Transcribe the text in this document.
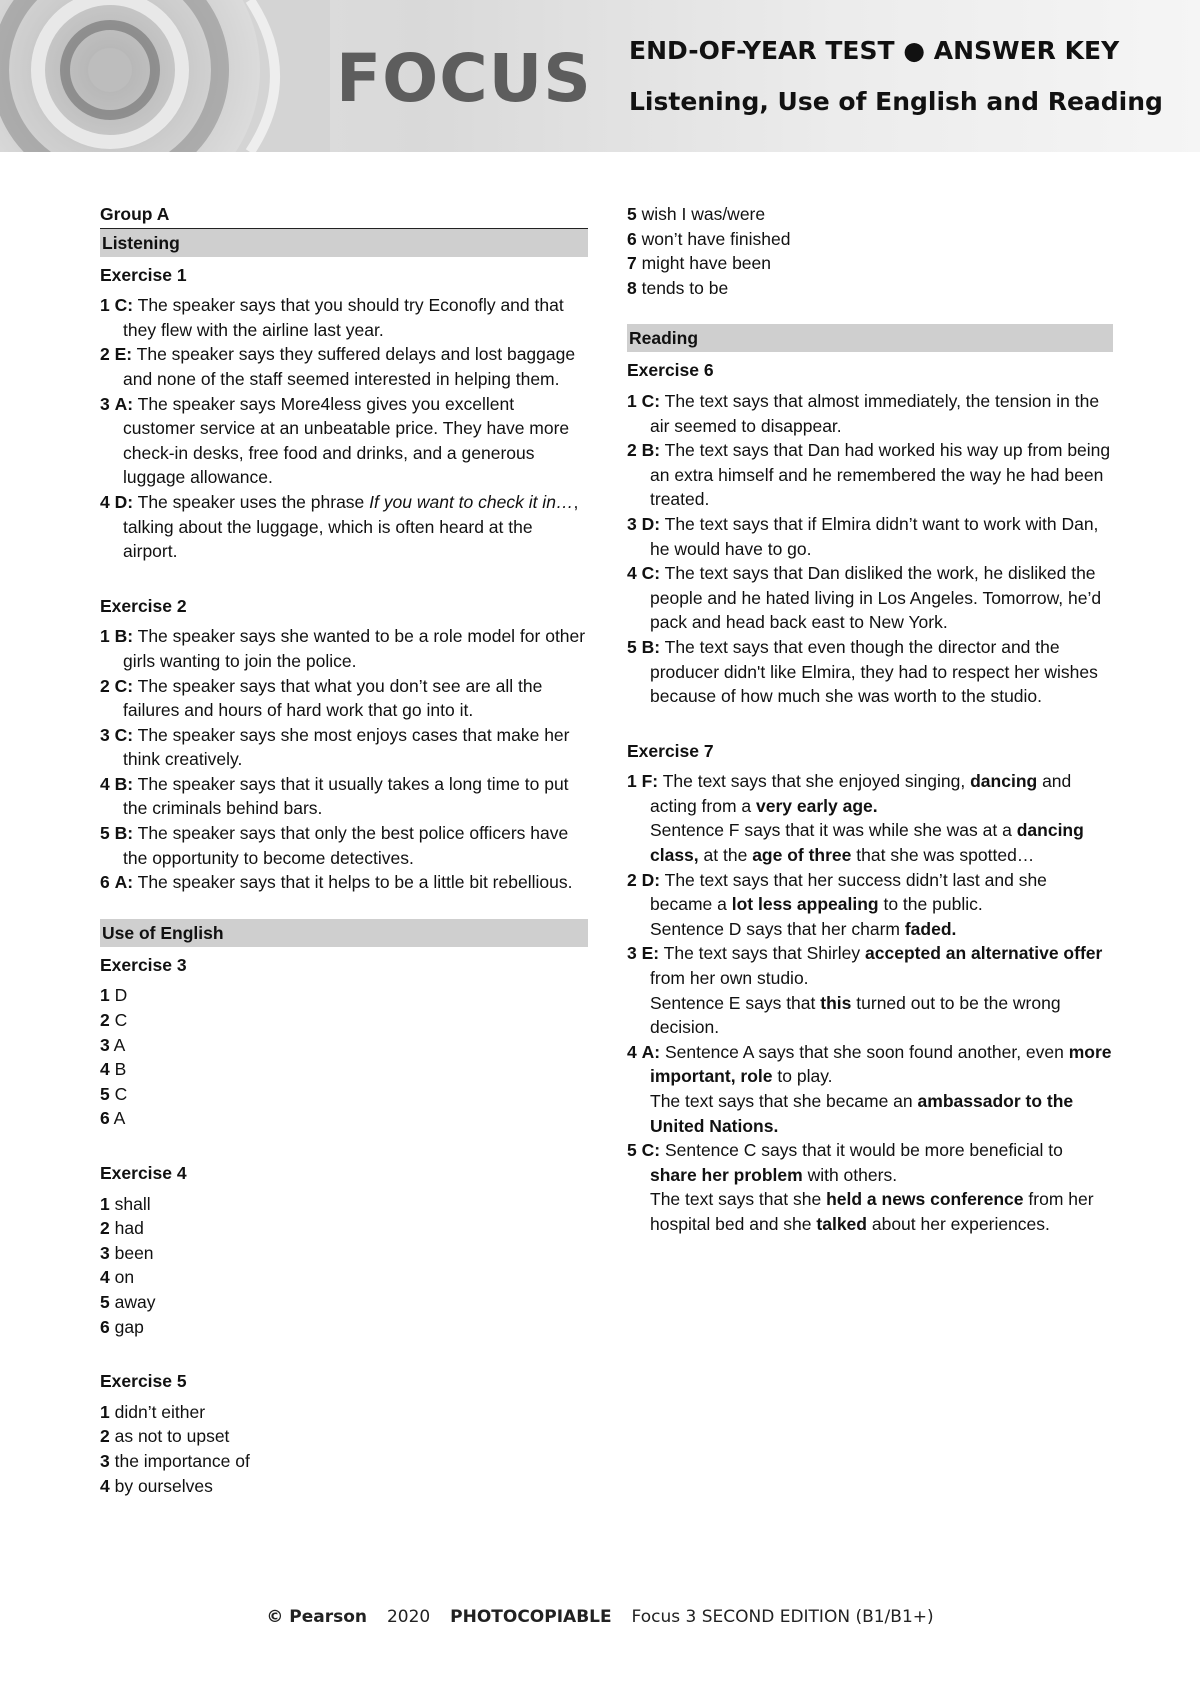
FOCUS END-OF-YEAR TEST ● ANSWER KEY
Listening, Use of English and Reading
Group A
Listening
Exercise 1
1 C: The speaker says that you should try Econofly and that they flew with the airline last year.
2 E: The speaker says they suffered delays and lost baggage and none of the staff seemed interested in helping them.
3 A: The speaker says More4less gives you excellent customer service at an unbeatable price. They have more check-in desks, free food and drinks, and a generous luggage allowance.
4 D: The speaker uses the phrase If you want to check it in…, talking about the luggage, which is often heard at the airport.
Exercise 2
1 B: The speaker says she wanted to be a role model for other girls wanting to join the police.
2 C: The speaker says that what you don’t see are all the failures and hours of hard work that go into it.
3 C: The speaker says she most enjoys cases that make her think creatively.
4 B: The speaker says that it usually takes a long time to put the criminals behind bars.
5 B: The speaker says that only the best police officers have the opportunity to become detectives.
6 A: The speaker says that it helps to be a little bit rebellious.
Use of English
Exercise 3
1 D
2 C
3 A
4 B
5 C
6 A
Exercise 4
1 shall
2 had
3 been
4 on
5 away
6 gap
Exercise 5
1 didn’t either
2 as not to upset
3 the importance of
4 by ourselves
5 wish I was/were
6 won’t have finished
7 might have been
8 tends to be
Reading
Exercise 6
1 C: The text says that almost immediately, the tension in the air seemed to disappear.
2 B: The text says that Dan had worked his way up from being an extra himself and he remembered the way he had been treated.
3 D: The text says that if Elmira didn’t want to work with Dan, he would have to go.
4 C: The text says that Dan disliked the work, he disliked the people and he hated living in Los Angeles. Tomorrow, he’d pack and head back east to New York.
5 B: The text says that even though the director and the producer didn't like Elmira, they had to respect her wishes because of how much she was worth to the studio.
Exercise 7
1 F: The text says that she enjoyed singing, dancing and acting from a very early age.
Sentence F says that it was while she was at a dancing class, at the age of three that she was spotted…
2 D: The text says that her success didn’t last and she became a lot less appealing to the public.
Sentence D says that her charm faded.
3 E: The text says that Shirley accepted an alternative offer from her own studio.
Sentence E says that this turned out to be the wrong decision.
4 A: Sentence A says that she soon found another, even more important, role to play.
The text says that she became an ambassador to the United Nations.
5 C: Sentence C says that it would be more beneficial to share her problem with others.
The text says that she held a news conference from her hospital bed and she talked about her experiences.
© Pearson 2020 PHOTOCOPIABLE Focus 3 SECOND EDITION (B1/B1+)
